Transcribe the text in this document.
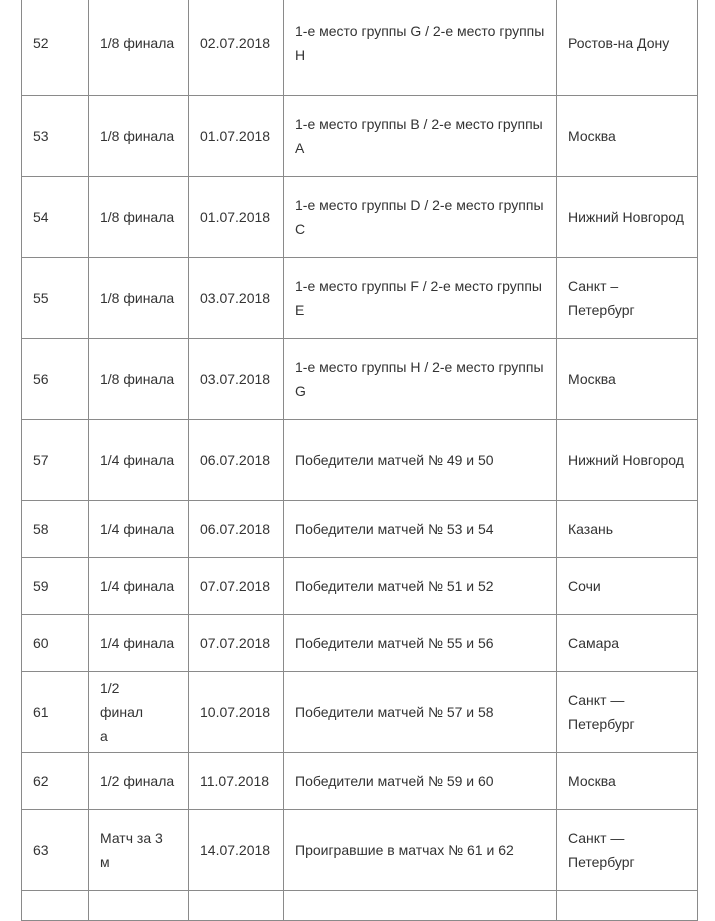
52	1/8 финала	02.07.2018	1-е место группы G / 2-е место группы H	Ростов-на Дону
53	1/8 финала	01.07.2018	1-е место группы B / 2-е место группы A	Москва
54	1/8 финала	01.07.2018	1-е место группы D / 2-е место группы C	Нижний Новгород
55	1/8 финала	03.07.2018	1-е место группы F / 2-е место группы E	Санкт – Петербург
56	1/8 финала	03.07.2018	1-е место группы H / 2-е место группы G	Москва
57	1/4 финала	06.07.2018	Победители матчей № 49 и 50	Нижний Новгород
58	1/4 финала	06.07.2018	Победители матчей № 53 и 54	Казань
59	1/4 финала	07.07.2018	Победители матчей № 51 и 52	Сочи
60	1/4 финала	07.07.2018	Победители матчей № 55 и 56	Самара
61	1/2 финала	10.07.2018	Победители матчей № 57 и 58	Санкт — Петербург
62	1/2 финала	11.07.2018	Победители матчей № 59 и 60	Москва
63	Матч за 3 м	14.07.2018	Проигравшие в матчах № 61 и 62	Санкт — Петербург
